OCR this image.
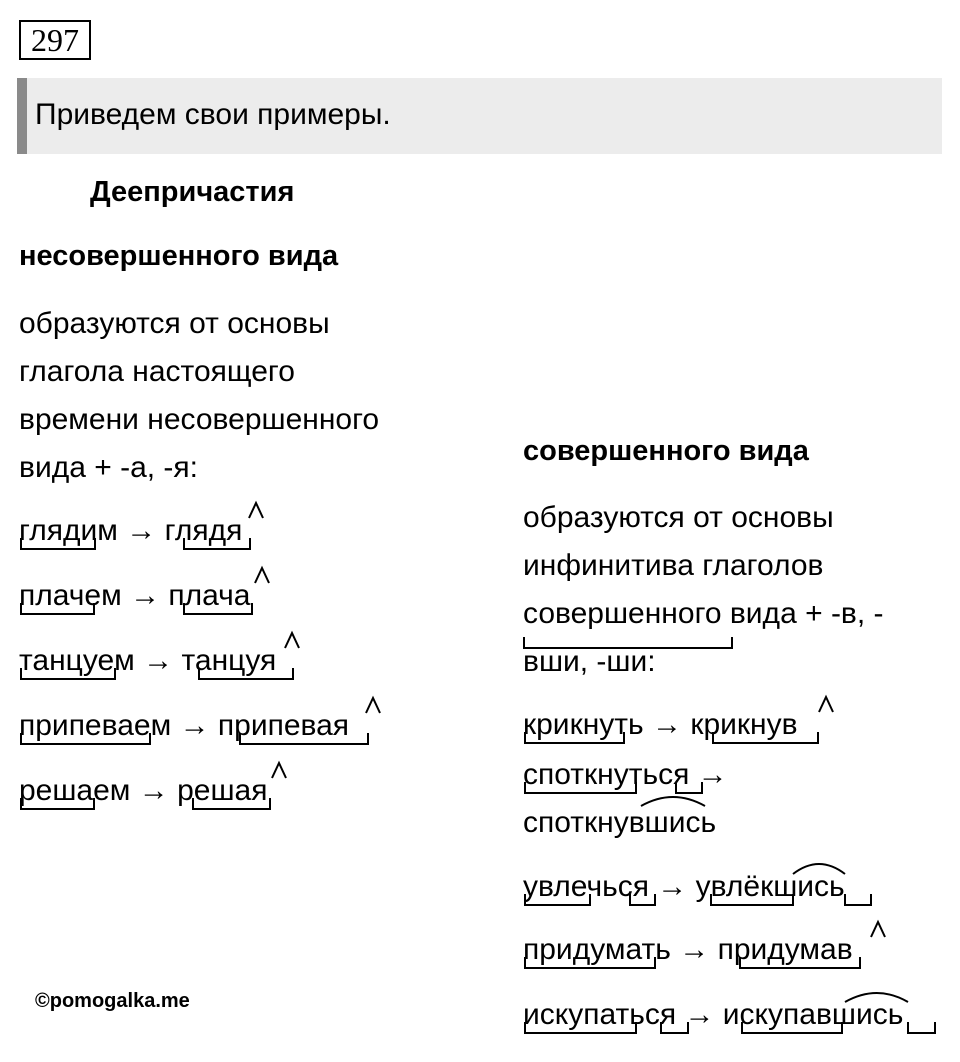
297
Приведем свои примеры.
Деепричастия
несовершенного вида
образуются от основы
глагола настоящего
времени несовершенного
вида + -а, -я:
глядим → глядя
плачем → плача
танцуем → танцуя
припеваем → припевая
решаем → решая
совершенного вида
образуются от основы
инфинитива глаголов
совершенного вида + -в, -
вши, -ши:
крикнуть → крикнув
споткнуться →
споткнувшись
увлечься → увлёкшись
придумать → придумав
искупаться → искупавшись
©pomogalka.me
